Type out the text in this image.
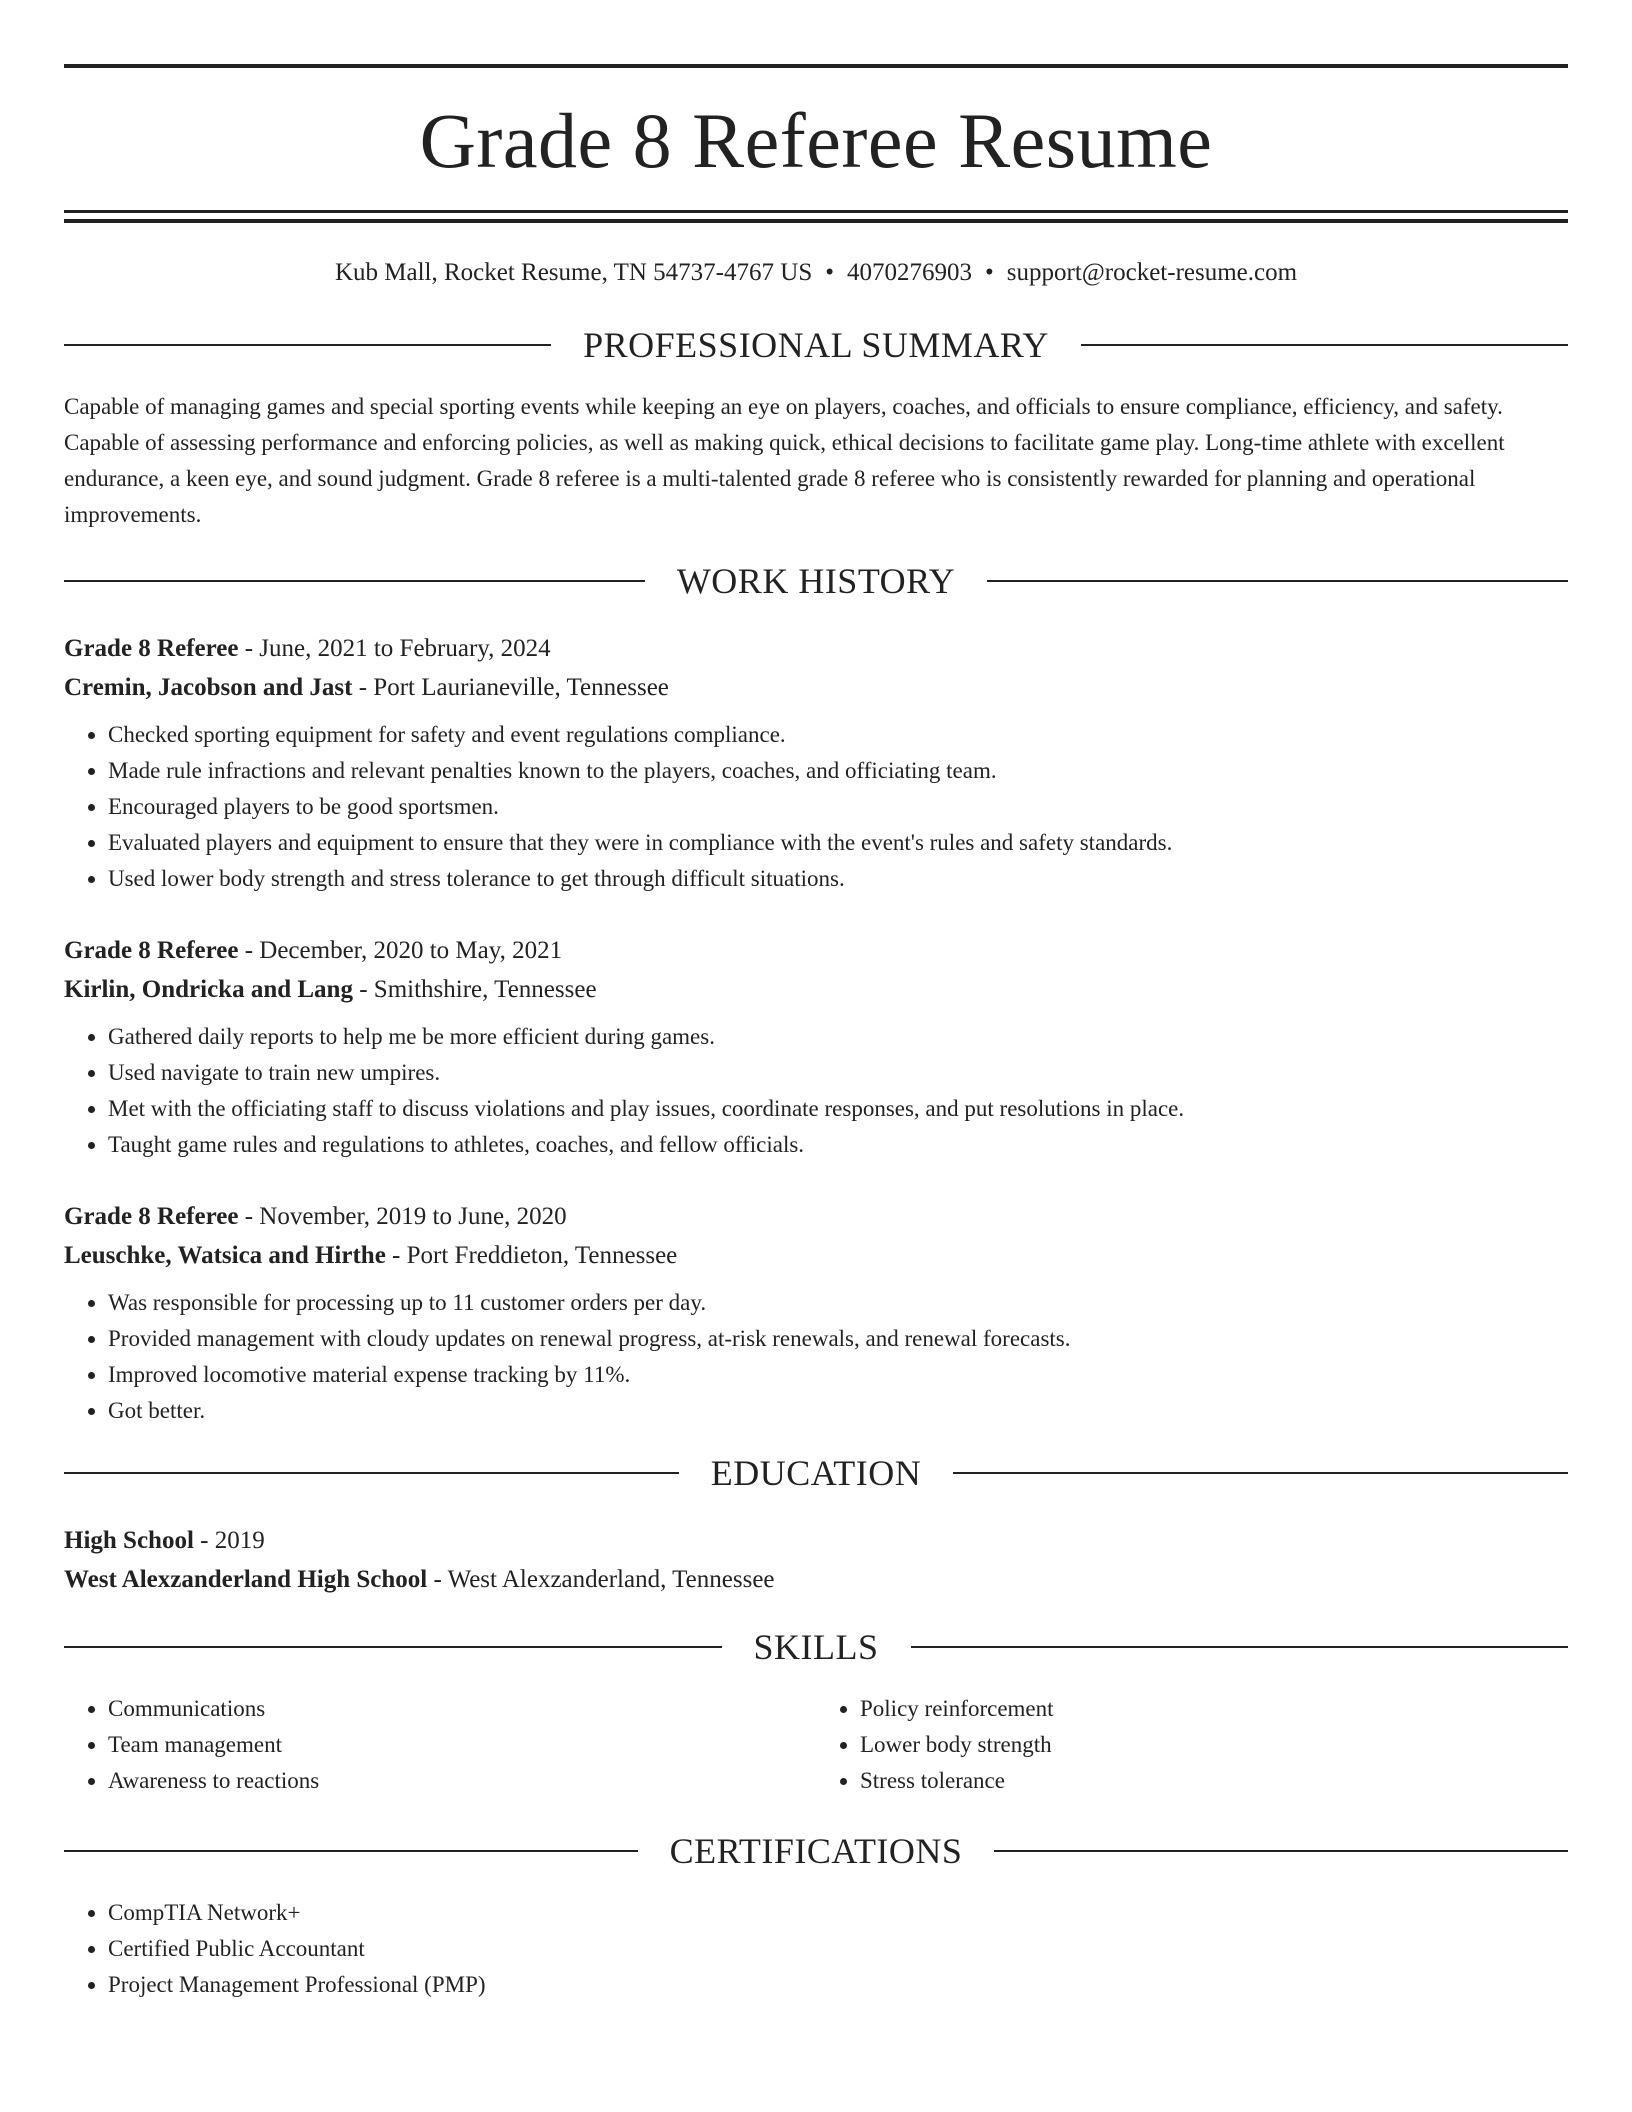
Grade 8 Referee Resume
Kub Mall, Rocket Resume, TN 54737-4767 US • 4070276903 • support@rocket-resume.com
PROFESSIONAL SUMMARY

Capable of managing games and special sporting events while keeping an eye on players, coaches, and officials to ensure compliance, efficiency, and safety. Capable of assessing performance and enforcing policies, as well as making quick, ethical decisions to facilitate game play. Long-time athlete with excellent endurance, a keen eye, and sound judgment. Grade 8 referee is a multi-talented grade 8 referee who is consistently rewarded for planning and operational improvements.

WORK HISTORY
Grade 8 Referee - June, 2021 to February, 2024
Cremin, Jacobson and Jast - Port Laurianeville, Tennessee
• Checked sporting equipment for safety and event regulations compliance.
• Made rule infractions and relevant penalties known to the players, coaches, and officiating team.
• Encouraged players to be good sportsmen.
• Evaluated players and equipment to ensure that they were in compliance with the event's rules and safety standards.
• Used lower body strength and stress tolerance to get through difficult situations.
Grade 8 Referee - December, 2020 to May, 2021
Kirlin, Ondricka and Lang - Smithshire, Tennessee
• Gathered daily reports to help me be more efficient during games.
• Used navigate to train new umpires.
• Met with the officiating staff to discuss violations and play issues, coordinate responses, and put resolutions in place.
• Taught game rules and regulations to athletes, coaches, and fellow officials.
Grade 8 Referee - November, 2019 to June, 2020
Leuschke, Watsica and Hirthe - Port Freddieton, Tennessee
• Was responsible for processing up to 11 customer orders per day.
• Provided management with cloudy updates on renewal progress, at-risk renewals, and renewal forecasts.
• Improved locomotive material expense tracking by 11%.
• Got better.
EDUCATION
High School - 2019
West Alexzanderland High School - West Alexzanderland, Tennessee
SKILLS
• Communications
• Team management
• Awareness to reactions
• Policy reinforcement
• Lower body strength
• Stress tolerance
CERTIFICATIONS
• CompTIA Network+
• Certified Public Accountant
• Project Management Professional (PMP)
